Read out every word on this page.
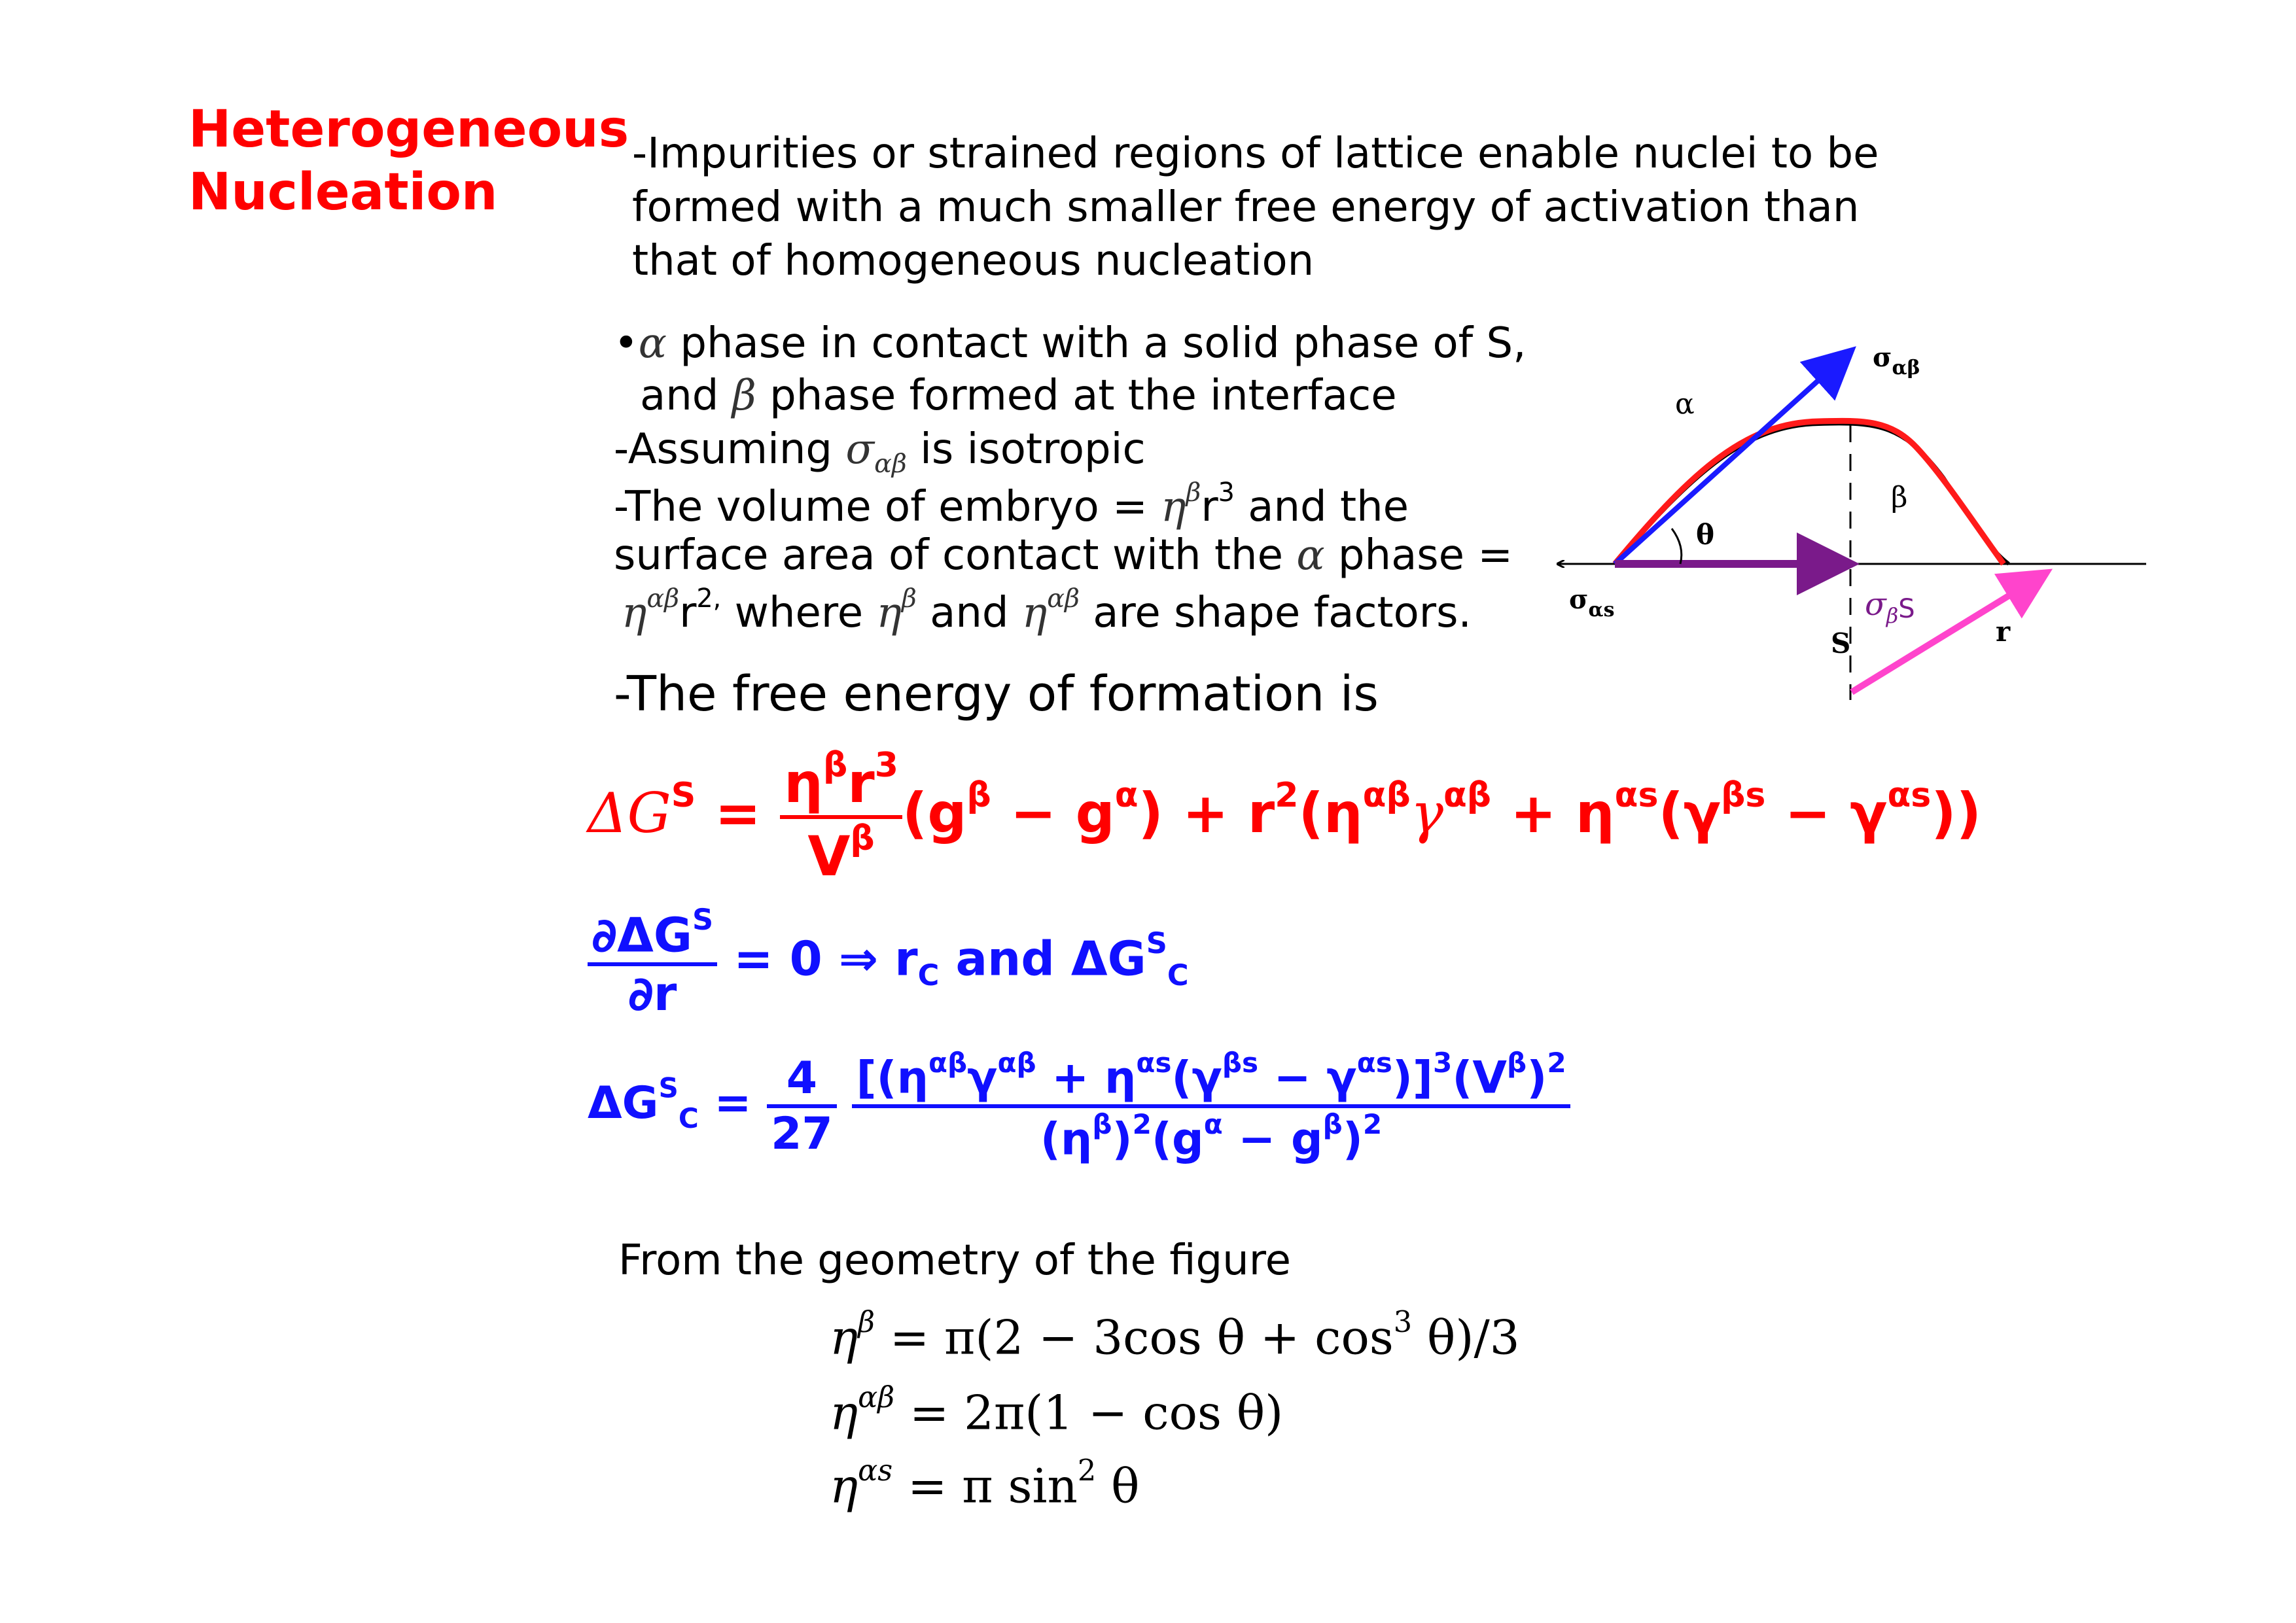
Heterogeneous
Nucleation
-Impurities or strained regions of lattice enable nuclei to be
formed with a much smaller free energy of activation than
that of homogeneous nucleation
•α phase in contact with a solid phase of S,
and β phase formed at the interface
-Assuming $\sigma_{\alpha\beta}$ is isotropic
-The volume of embryo = $\eta^\beta r^3$ and the
surface area of contact with the α phase =
$\eta^{\alpha\beta}r^{2,}$ where $\eta^\beta$ and $\eta^{\alpha\beta}$ are shape factors.
-The free energy of formation is
$\sigma_{\alpha\beta}$
α
β
θ
$\sigma_{\alpha s}$	$\sigma_\beta S$
S	r
$\Delta G^S = \frac{\eta^\beta r^3}{V^\beta} (g^\beta - g^\alpha) + r^2(\eta^{\alpha\beta}\gamma^{\alpha\beta} + \eta^{\alpha s}(\gamma^{\beta s} - \gamma^{\alpha s}))$
$\frac{\partial\Delta G^S}{\partial r} = 0$ ⇒ $r_C$ and $\Delta G^S_C$
$\Delta G^S_C = \frac{4}{27}$
$\frac{[(\eta^{\alpha\beta}\gamma^{\alpha\beta} + \eta^{\alpha s}(\gamma^{\beta s} - \gamma^{\alpha s})]^3(V^\beta)^2}{(\eta^\beta)^2(g^\alpha - g^\beta)^2}$
From the geometry of the figure
$\eta^\beta = \pi(2 - 3\cos$ $\theta + \cos^3 \theta)/3$
$\eta^{\alpha\beta} = 2\pi(1 - \cos \theta)$
$\eta^{\alpha s} = \pi$ $\sin^2 \theta$
